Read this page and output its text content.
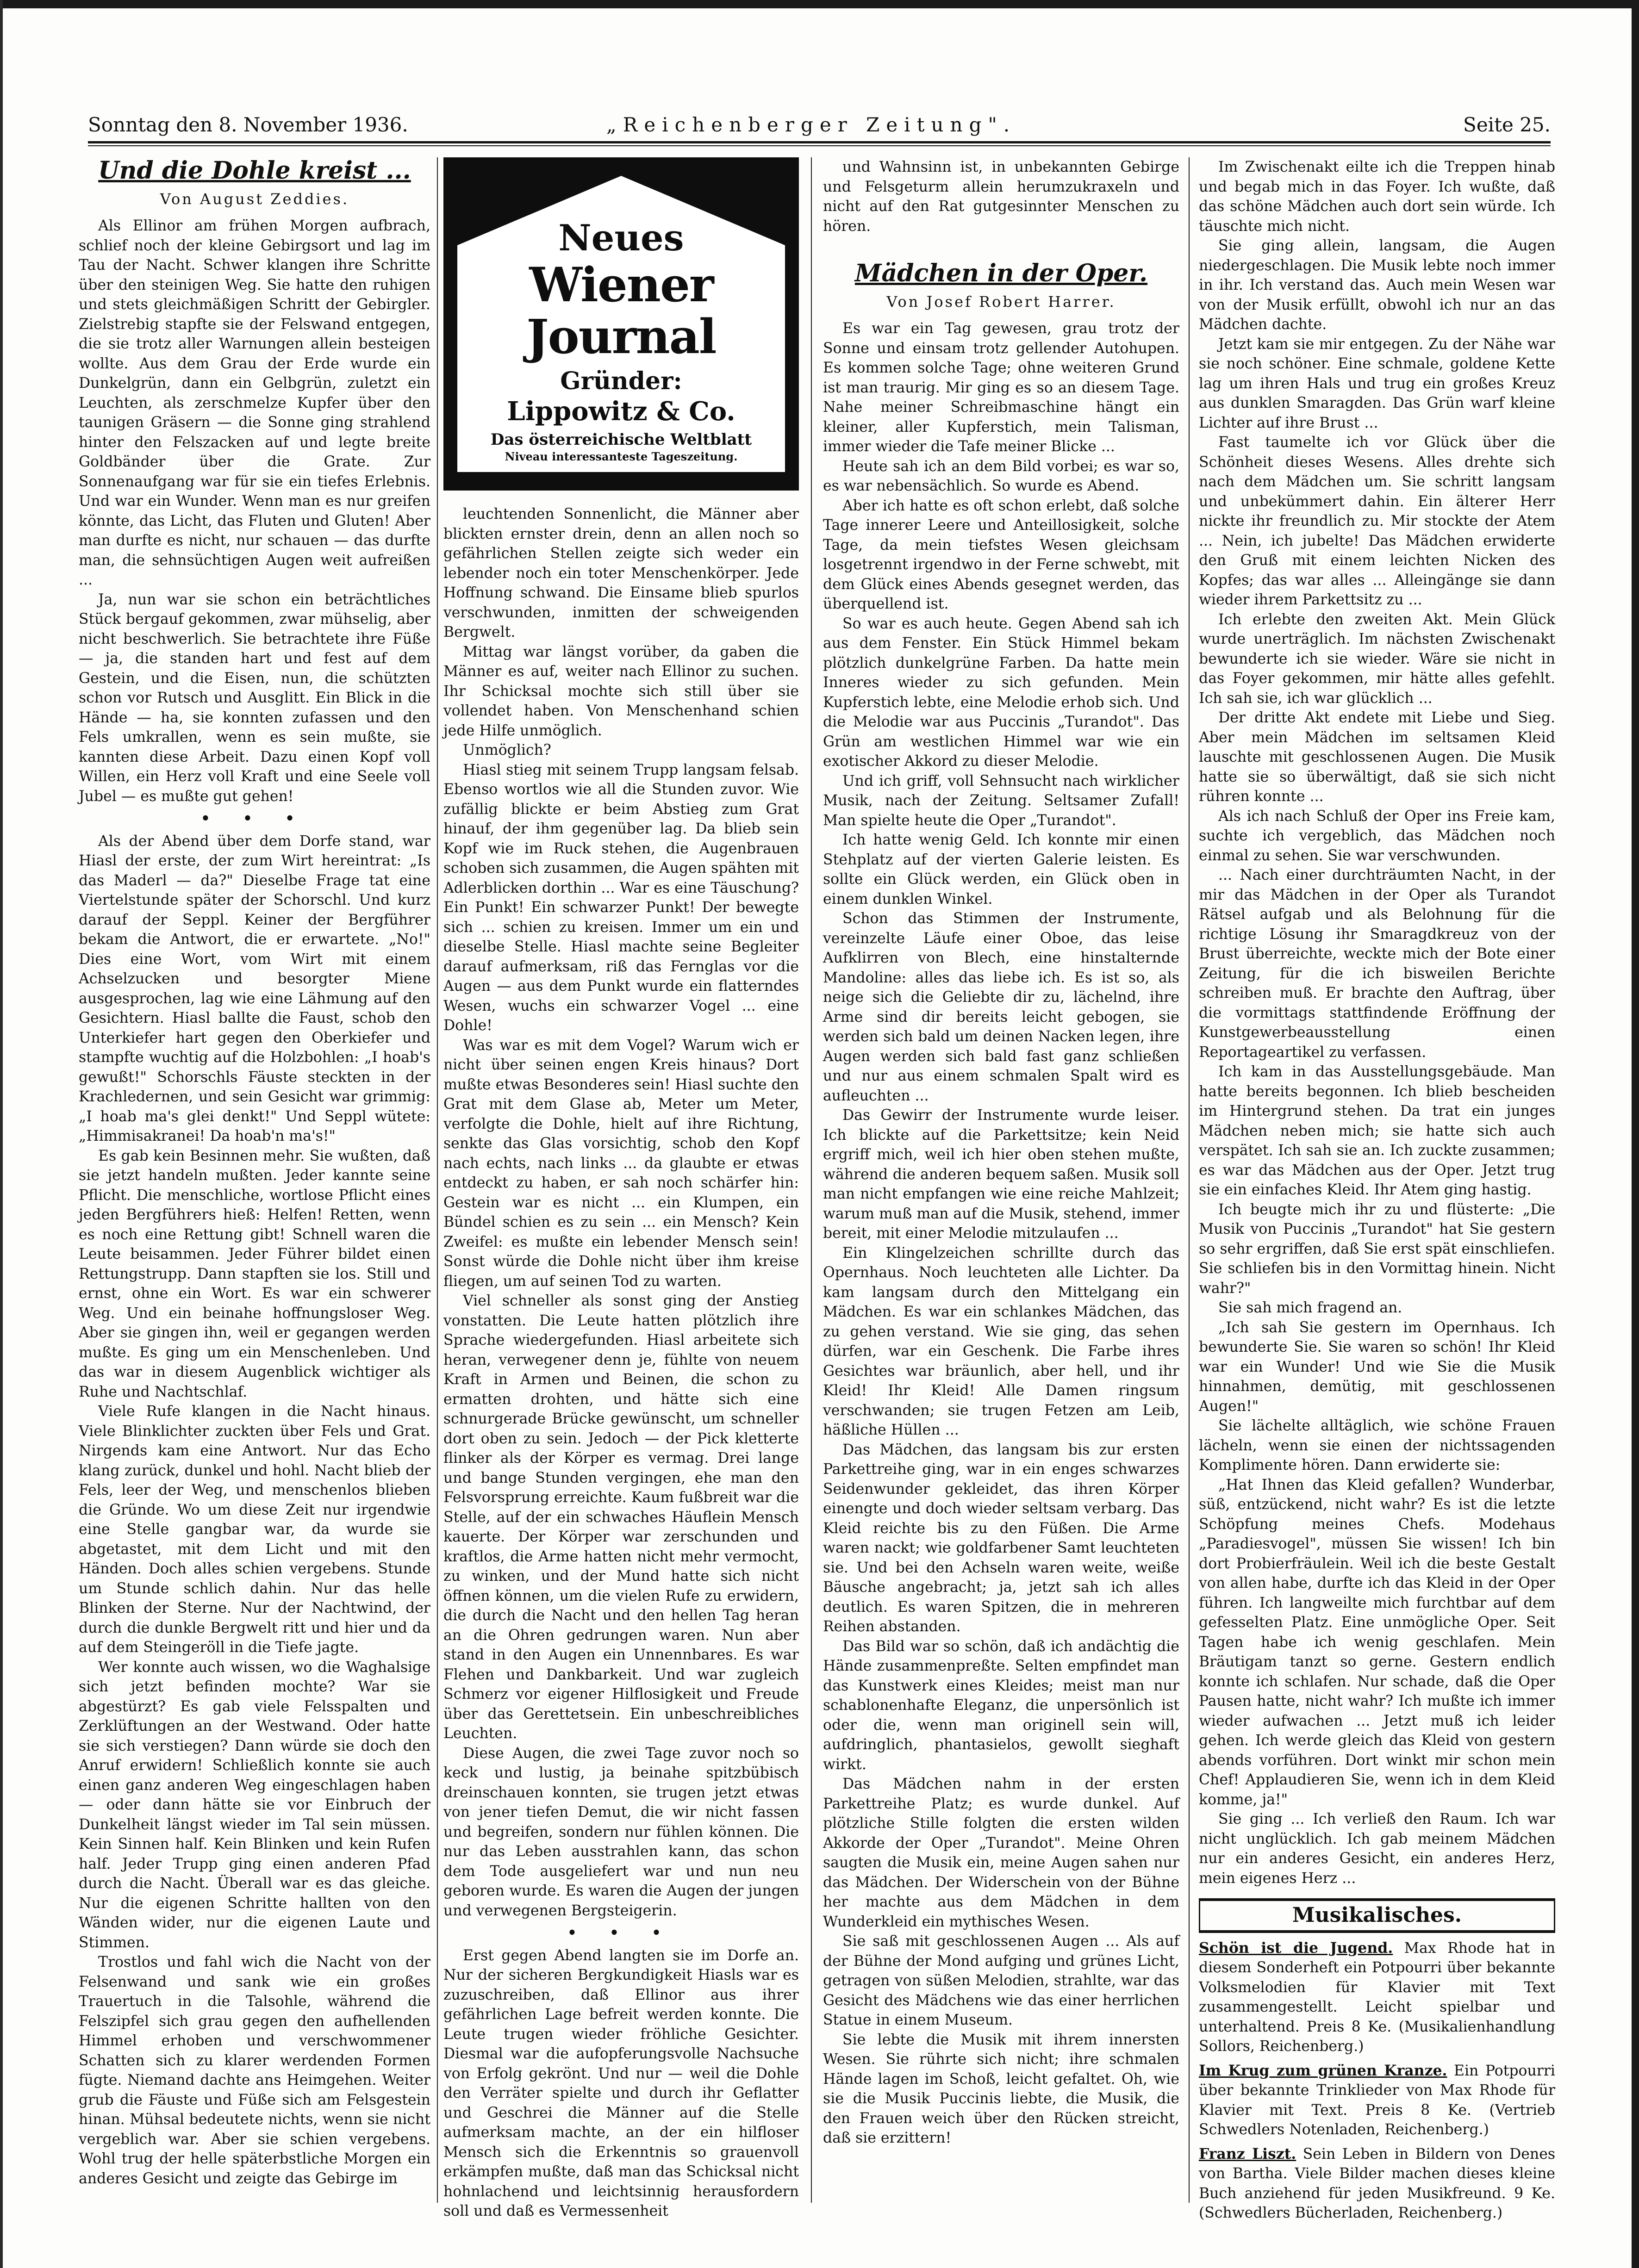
Sonntag den 8. November 1936.	„Reichenberger Zeitung".	Seite 25.
Und die Dohle kreist ...
Von August Zeddies.

Als Ellinor am frühen Morgen aufbrach, schlief noch der kleine Gebirgsort und lag im Tau der Nacht. Schwer klangen ihre Schritte über den steinigen Weg. Sie hatte den ruhigen und stets gleichmäßigen Schritt der Gebirgler. Zielstrebig stapfte sie der Felswand entgegen, die sie trotz aller Warnungen allein besteigen wollte. Aus dem Grau der Erde wurde ein Dunkelgrün, dann ein Gelbgrün, zuletzt ein Leuchten, als zerschmelze Kupfer über den taunigen Gräsern — die Sonne ging strahlend hinter den Felszacken auf und legte breite Goldbänder über die Grate. Zur Sonnenaufgang war für sie ein tiefes Erlebnis. Und war ein Wunder. Wenn man es nur greifen könnte, das Licht, das Fluten und Gluten! Aber man durfte es nicht, nur schauen — das durfte man, die sehnsüchtigen Augen weit aufreißen ...

Ja, nun war sie schon ein beträchtliches Stück bergauf gekommen, zwar mühselig, aber nicht beschwerlich. Sie betrachtete ihre Füße — ja, die standen hart und fest auf dem Gestein, und die Eisen, nun, die schützten schon vor Rutsch und Ausglitt. Ein Blick in die Hände — ha, sie konnten zufassen und den Fels umkrallen, wenn es sein mußte, sie kannten diese Arbeit. Dazu einen Kopf voll Willen, ein Herz voll Kraft und eine Seele voll Jubel — es mußte gut gehen!

• • •

Als der Abend über dem Dorfe stand, war Hiasl der erste, der zum Wirt hereintrat: „Is das Maderl — da?" Dieselbe Frage tat eine Viertelstunde später der Schorschl. Und kurz darauf der Seppl. Keiner der Bergführer bekam die Antwort, die er erwartete. „No!" Dies eine Wort, vom Wirt mit einem Achselzucken und besorgter Miene ausgesprochen, lag wie eine Lähmung auf den Gesichtern. Hiasl ballte die Faust, schob den Unterkiefer hart gegen den Oberkiefer und stampfte wuchtig auf die Holzbohlen: „I hoab's gewußt!" Schorschls Fäuste steckten in der Krachledernen, und sein Gesicht war grimmig: „I hoab ma's glei denkt!" Und Seppl wütete: „Himmisakranei! Da hoab'n ma's!"

Es gab kein Besinnen mehr. Sie wußten, daß sie jetzt handeln mußten. Jeder kannte seine Pflicht. Die menschliche, wortlose Pflicht eines jeden Bergführers hieß: Helfen! Retten, wenn es noch eine Rettung gibt! Schnell waren die Leute beisammen. Jeder Führer bildet einen Rettungstrupp. Dann stapften sie los. Still und ernst, ohne ein Wort. Es war ein schwerer Weg. Und ein beinahe hoffnungsloser Weg. Aber sie gingen ihn, weil er gegangen werden mußte. Es ging um ein Menschenleben. Und das war in diesem Augenblick wichtiger als Ruhe und Nachtschlaf.

Viele Rufe klangen in die Nacht hinaus. Viele Blinklichter zuckten über Fels und Grat. Nirgends kam eine Antwort. Nur das Echo klang zurück, dunkel und hohl. Nacht blieb der Fels, leer der Weg, und menschenlos blieben die Gründe. Wo um diese Zeit nur irgendwie eine Stelle gangbar war, da wurde sie abgetastet, mit dem Licht und mit den Händen. Doch alles schien vergebens. Stunde um Stunde schlich dahin. Nur das helle Blinken der Sterne. Nur der Nachtwind, der durch die dunkle Bergwelt ritt und hier und da auf dem Steingeröll in die Tiefe jagte.

Wer konnte auch wissen, wo die Waghalsige sich jetzt befinden mochte? War sie abgestürzt? Es gab viele Felsspalten und Zerklüftungen an der Westwand. Oder hatte sie sich verstiegen? Dann würde sie doch den Anruf erwidern! Schließlich konnte sie auch einen ganz anderen Weg eingeschlagen haben — oder dann hätte sie vor Einbruch der Dunkelheit längst wieder im Tal sein müssen. Kein Sinnen half. Kein Blinken und kein Rufen half. Jeder Trupp ging einen anderen Pfad durch die Nacht. Überall war es das gleiche. Nur die eigenen Schritte hallten von den Wänden wider, nur die eigenen Laute und Stimmen.

Trostlos und fahl wich die Nacht von der Felsenwand und sank wie ein großes Trauertuch in die Talsohle, während die Felszipfel sich grau gegen den aufhellenden Himmel erhoben und verschwommener Schatten sich zu klarer werdenden Formen fügte. Niemand dachte ans Heimgehen. Weiter grub die Fäuste und Füße sich am Felsgestein hinan. Mühsal bedeutete nichts, wenn sie nicht vergeblich war. Aber sie schien vergebens. Wohl trug der helle späterbstliche Morgen ein anderes Gesicht und zeigte das Gebirge im

Neues
Wiener Journal
Gründer:
Lippowitz & Co.
Das österreichische Weltblatt
Niveau interessanteste Tageszeitung.

leuchtenden Sonnenlicht, die Männer aber blickten ernster drein, denn an allen noch so gefährlichen Stellen zeigte sich weder ein lebender noch ein toter Menschenkörper. Jede Hoffnung schwand. Die Einsame blieb spurlos verschwunden, inmitten der schweigenden Bergwelt.

Mittag war längst vorüber, da gaben die Männer es auf, weiter nach Ellinor zu suchen. Ihr Schicksal mochte sich still über sie vollendet haben. Von Menschenhand schien jede Hilfe unmöglich.

Unmöglich?

Hiasl stieg mit seinem Trupp langsam felsab. Ebenso wortlos wie all die Stunden zuvor. Wie zufällig blickte er beim Abstieg zum Grat hinauf, der ihm gegenüber lag. Da blieb sein Kopf wie im Ruck stehen, die Augenbrauen schoben sich zusammen, die Augen spähten mit Adlerblicken dorthin ... War es eine Täuschung? Ein Punkt! Ein schwarzer Punkt! Der bewegte sich ... schien zu kreisen. Immer um ein und dieselbe Stelle. Hiasl machte seine Begleiter darauf aufmerksam, riß das Fernglas vor die Augen — aus dem Punkt wurde ein flatterndes Wesen, wuchs ein schwarzer Vogel ... eine Dohle!

Was war es mit dem Vogel? Warum wich er nicht über seinen engen Kreis hinaus? Dort mußte etwas Besonderes sein! Hiasl suchte den Grat mit dem Glase ab, Meter um Meter, verfolgte die Dohle, hielt auf ihre Richtung, senkte das Glas vorsichtig, schob den Kopf nach echts, nach links ... da glaubte er etwas entdeckt zu haben, er sah noch schärfer hin: Gestein war es nicht ... ein Klumpen, ein Bündel schien es zu sein ... ein Mensch? Kein Zweifel: es mußte ein lebender Mensch sein! Sonst würde die Dohle nicht über ihm kreise fliegen, um auf seinen Tod zu warten.

Viel schneller als sonst ging der Anstieg vonstatten. Die Leute hatten plötzlich ihre Sprache wiedergefunden. Hiasl arbeitete sich heran, verwegener denn je, fühlte von neuem Kraft in Armen und Beinen, die schon zu ermatten drohten, und hätte sich eine schnurgerade Brücke gewünscht, um schneller dort oben zu sein. Jedoch — der Pick kletterte flinker als der Körper es vermag. Drei lange und bange Stunden vergingen, ehe man den Felsvorsprung erreichte. Kaum fußbreit war die Stelle, auf der ein schwaches Häuflein Mensch kauerte. Der Körper war zerschunden und kraftlos, die Arme hatten nicht mehr vermocht, zu winken, und der Mund hatte sich nicht öffnen können, um die vielen Rufe zu erwidern, die durch die Nacht und den hellen Tag heran an die Ohren gedrungen waren. Nun aber stand in den Augen ein Unnennbares. Es war Flehen und Dankbarkeit. Und war zugleich Schmerz vor eigener Hilflosigkeit und Freude über das Gerettetsein. Ein unbeschreibliches Leuchten.

Diese Augen, die zwei Tage zuvor noch so keck und lustig, ja beinahe spitzbübisch dreinschauen konnten, sie trugen jetzt etwas von jener tiefen Demut, die wir nicht fassen und begreifen, sondern nur fühlen können. Die nur das Leben ausstrahlen kann, das schon dem Tode ausgeliefert war und nun neu geboren wurde. Es waren die Augen der jungen und verwegenen Bergsteigerin.

• • •

Erst gegen Abend langten sie im Dorfe an. Nur der sicheren Bergkundigkeit Hiasls war es zuzuschreiben, daß Ellinor aus ihrer gefährlichen Lage befreit werden konnte. Die Leute trugen wieder fröhliche Gesichter. Diesmal war die aufopferungsvolle Nachsuche von Erfolg gekrönt. Und nur — weil die Dohle den Verräter spielte und durch ihr Geflatter und Geschrei die Männer auf die Stelle aufmerksam machte, an der ein hilfloser Mensch sich die Erkenntnis so grauenvoll erkämpfen mußte, daß man das Schicksal nicht hohnlachend und leichtsinnig herausfordern soll und daß es Vermessenheit

und Wahnsinn ist, in unbekannten Gebirge und Felsgeturm allein herumzukraxeln und nicht auf den Rat gutgesinnter Menschen zu hören.

Mädchen in der Oper.
Von Josef Robert Harrer.

Es war ein Tag gewesen, grau trotz der Sonne und einsam trotz gellender Autohupen. Es kommen solche Tage; ohne weiteren Grund ist man traurig. Mir ging es so an diesem Tage. Nahe meiner Schreibmaschine hängt ein kleiner, aller Kupferstich, mein Talisman, immer wieder die Tafe meiner Blicke ...

Heute sah ich an dem Bild vorbei; es war so, es war nebensächlich. So wurde es Abend.

Aber ich hatte es oft schon erlebt, daß solche Tage innerer Leere und Anteillosigkeit, solche Tage, da mein tiefstes Wesen gleichsam losgetrennt irgendwo in der Ferne schwebt, mit dem Glück eines Abends gesegnet werden, das überquellend ist.

So war es auch heute. Gegen Abend sah ich aus dem Fenster. Ein Stück Himmel bekam plötzlich dunkelgrüne Farben. Da hatte mein Inneres wieder zu sich gefunden. Mein Kupferstich lebte, eine Melodie erhob sich. Und die Melodie war aus Puccinis „Turandot". Das Grün am westlichen Himmel war wie ein exotischer Akkord zu dieser Melodie.

Und ich griff, voll Sehnsucht nach wirklicher Musik, nach der Zeitung. Seltsamer Zufall! Man spielte heute die Oper „Turandot".

Ich hatte wenig Geld. Ich konnte mir einen Stehplatz auf der vierten Galerie leisten. Es sollte ein Glück werden, ein Glück oben in einem dunklen Winkel.

Schon das Stimmen der Instrumente, vereinzelte Läufe einer Oboe, das leise Aufklirren von Blech, eine hinstalternde Mandoline: alles das liebe ich. Es ist so, als neige sich die Geliebte dir zu, lächelnd, ihre Arme sind dir bereits leicht gebogen, sie werden sich bald um deinen Nacken legen, ihre Augen werden sich bald fast ganz schließen und nur aus einem schmalen Spalt wird es aufleuchten ...

Das Gewirr der Instrumente wurde leiser. Ich blickte auf die Parkettsitze; kein Neid ergriff mich, weil ich hier oben stehen mußte, während die anderen bequem saßen. Musik soll man nicht empfangen wie eine reiche Mahlzeit; warum muß man auf die Musik, stehend, immer bereit, mit einer Melodie mitzulaufen ...

Ein Klingelzeichen schrillte durch das Opernhaus. Noch leuchteten alle Lichter. Da kam langsam durch den Mittelgang ein Mädchen. Es war ein schlankes Mädchen, das zu gehen verstand. Wie sie ging, das sehen dürfen, war ein Geschenk. Die Farbe ihres Gesichtes war bräunlich, aber hell, und ihr Kleid! Ihr Kleid! Alle Damen ringsum verschwanden; sie trugen Fetzen am Leib, häßliche Hüllen ...

Das Mädchen, das langsam bis zur ersten Parkettreihe ging, war in ein enges schwarzes Seidenwunder gekleidet, das ihren Körper einengte und doch wieder seltsam verbarg. Das Kleid reichte bis zu den Füßen. Die Arme waren nackt; wie goldfarbener Samt leuchteten sie. Und bei den Achseln waren weite, weiße Bäusche angebracht; ja, jetzt sah ich alles deutlich. Es waren Spitzen, die in mehreren Reihen abstanden.

Das Bild war so schön, daß ich andächtig die Hände zusammenpreßte. Selten empfindet man das Kunstwerk eines Kleides; meist man nur schablonenhafte Eleganz, die unpersönlich ist oder die, wenn man originell sein will, aufdringlich, phantasielos, gewollt sieghaft wirkt.

Das Mädchen nahm in der ersten Parkettreihe Platz; es wurde dunkel. Auf plötzliche Stille folgten die ersten wilden Akkorde der Oper „Turandot". Meine Ohren saugten die Musik ein, meine Augen sahen nur das Mädchen. Der Widerschein von der Bühne her machte aus dem Mädchen in dem Wunderkleid ein mythisches Wesen.

Sie saß mit geschlossenen Augen ... Als auf der Bühne der Mond aufging und grünes Licht, getragen von süßen Melodien, strahlte, war das Gesicht des Mädchens wie das einer herrlichen Statue in einem Museum.

Sie lebte die Musik mit ihrem innersten Wesen. Sie rührte sich nicht; ihre schmalen Hände lagen im Schoß, leicht gefaltet. Oh, wie sie die Musik Puccinis liebte, die Musik, die den Frauen weich über den Rücken streicht, daß sie erzittern!

Im Zwischenakt eilte ich die Treppen hinab und begab mich in das Foyer. Ich wußte, daß das schöne Mädchen auch dort sein würde. Ich täuschte mich nicht.

Sie ging allein, langsam, die Augen niedergeschlagen. Die Musik lebte noch immer in ihr. Ich verstand das. Auch mein Wesen war von der Musik erfüllt, obwohl ich nur an das Mädchen dachte.

Jetzt kam sie mir entgegen. Zu der Nähe war sie noch schöner. Eine schmale, goldene Kette lag um ihren Hals und trug ein großes Kreuz aus dunklen Smaragden. Das Grün warf kleine Lichter auf ihre Brust ...

Fast taumelte ich vor Glück über die Schönheit dieses Wesens. Alles drehte sich nach dem Mädchen um. Sie schritt langsam und unbekümmert dahin. Ein älterer Herr nickte ihr freundlich zu. Mir stockte der Atem ... Nein, ich jubelte! Das Mädchen erwiderte den Gruß mit einem leichten Nicken des Kopfes; das war alles ... Alleingänge sie dann wieder ihrem Parkettsitz zu ...

Ich erlebte den zweiten Akt. Mein Glück wurde unerträglich. Im nächsten Zwischenakt bewunderte ich sie wieder. Wäre sie nicht in das Foyer gekommen, mir hätte alles gefehlt. Ich sah sie, ich war glücklich ...

Der dritte Akt endete mit Liebe und Sieg. Aber mein Mädchen im seltsamen Kleid lauschte mit geschlossenen Augen. Die Musik hatte sie so überwältigt, daß sie sich nicht rühren konnte ...

Als ich nach Schluß der Oper ins Freie kam, suchte ich vergeblich, das Mädchen noch einmal zu sehen. Sie war verschwunden.

... Nach einer durchträumten Nacht, in der mir das Mädchen in der Oper als Turandot Rätsel aufgab und als Belohnung für die richtige Lösung ihr Smaragdkreuz von der Brust überreichte, weckte mich der Bote einer Zeitung, für die ich bisweilen Berichte schreiben muß. Er brachte den Auftrag, über die vormittags stattfindende Eröffnung der Kunstgewerbeausstellung einen Reportageartikel zu verfassen.

Ich kam in das Ausstellungsgebäude. Man hatte bereits begonnen. Ich blieb bescheiden im Hintergrund stehen. Da trat ein junges Mädchen neben mich; sie hatte sich auch verspätet. Ich sah sie an. Ich zuckte zusammen; es war das Mädchen aus der Oper. Jetzt trug sie ein einfaches Kleid. Ihr Atem ging hastig.

Ich beugte mich ihr zu und flüsterte: „Die Musik von Puccinis „Turandot" hat Sie gestern so sehr ergriffen, daß Sie erst spät einschliefen. Sie schliefen bis in den Vormittag hinein. Nicht wahr?"

Sie sah mich fragend an.

„Ich sah Sie gestern im Opernhaus. Ich bewunderte Sie. Sie waren so schön! Ihr Kleid war ein Wunder! Und wie Sie die Musik hinnahmen, demütig, mit geschlossenen Augen!"

Sie lächelte alltäglich, wie schöne Frauen lächeln, wenn sie einen der nichtssagenden Komplimente hören. Dann erwiderte sie:

„Hat Ihnen das Kleid gefallen? Wunderbar, süß, entzückend, nicht wahr? Es ist die letzte Schöpfung meines Chefs. Modehaus „Paradiesvogel", müssen Sie wissen! Ich bin dort Probierfräulein. Weil ich die beste Gestalt von allen habe, durfte ich das Kleid in der Oper führen. Ich langweilte mich furchtbar auf dem gefesselten Platz. Eine unmögliche Oper. Seit Tagen habe ich wenig geschlafen. Mein Bräutigam tanzt so gerne. Gestern endlich konnte ich schlafen. Nur schade, daß die Oper Pausen hatte, nicht wahr? Ich mußte ich immer wieder aufwachen ... Jetzt muß ich leider gehen. Ich werde gleich das Kleid von gestern abends vorführen. Dort winkt mir schon mein Chef! Applaudieren Sie, wenn ich in dem Kleid komme, ja!"

Sie ging ... Ich verließ den Raum. Ich war nicht unglücklich. Ich gab meinem Mädchen nur ein anderes Gesicht, ein anderes Herz, mein eigenes Herz ...

Musikalisches.

Schön ist die Jugend. Max Rhode hat in diesem Sonderheft ein Potpourri über bekannte Volksmelodien für Klavier mit Text zusammengestellt. Leicht spielbar und unterhaltend. Preis 8 Ke. (Musikalienhandlung Sollors, Reichenberg.)

Im Krug zum grünen Kranze. Ein Potpourri über bekannte Trinklieder von Max Rhode für Klavier mit Text. Preis 8 Ke. (Vertrieb Schwedlers Notenladen, Reichenberg.)

Franz Liszt. Sein Leben in Bildern von Denes von Bartha. Viele Bilder machen dieses kleine Buch anziehend für jeden Musikfreund. 9 Ke. (Schwedlers Bücherladen, Reichenberg.)
